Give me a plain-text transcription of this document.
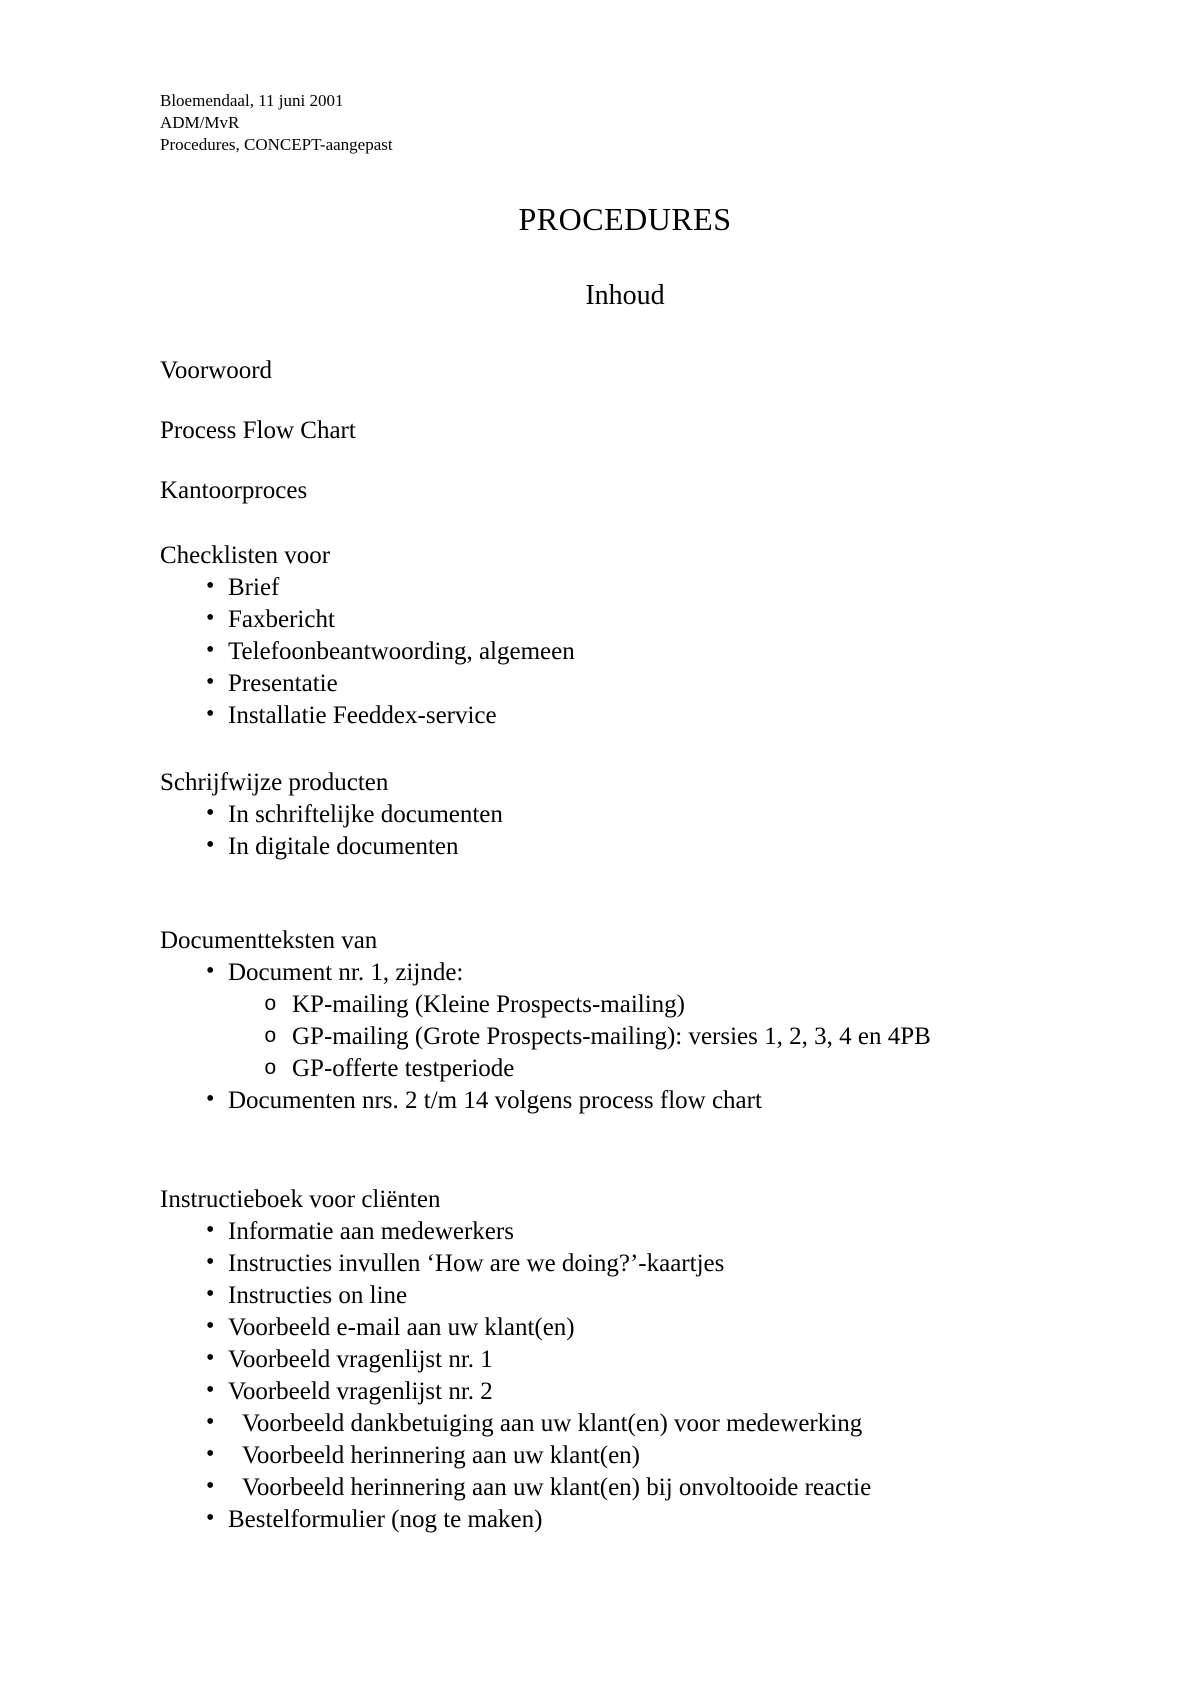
Bloemendaal, 11 juni 2001
ADM/MvR
Procedures, CONCEPT-aangepast
PROCEDURES
Inhoud
Voorwoord
Process Flow Chart
Kantoorproces
Checklisten voor
• Brief
• Faxbericht
• Telefoonbeantwoording, algemeen
• Presentatie
• Installatie Feeddex-service
Schrijfwijze producten
• In schriftelijke documenten
• In digitale documenten
Documentteksten van
• Document nr. 1, zijnde:
o KP-mailing (Kleine Prospects-mailing)
o GP-mailing (Grote Prospects-mailing): versies 1, 2, 3, 4 en 4PB
o GP-offerte testperiode
• Documenten nrs. 2 t/m 14 volgens process flow chart
Instructieboek voor cliënten
• Informatie aan medewerkers
• Instructies invullen ‘How are we doing?’-kaartjes
• Instructies on line
• Voorbeeld e-mail aan uw klant(en)
• Voorbeeld vragenlijst nr. 1
• Voorbeeld vragenlijst nr. 2
• Voorbeeld dankbetuiging aan uw klant(en) voor medewerking
• Voorbeeld herinnering aan uw klant(en)
• Voorbeeld herinnering aan uw klant(en) bij onvoltooide reactie
• Bestelformulier (nog te maken)
